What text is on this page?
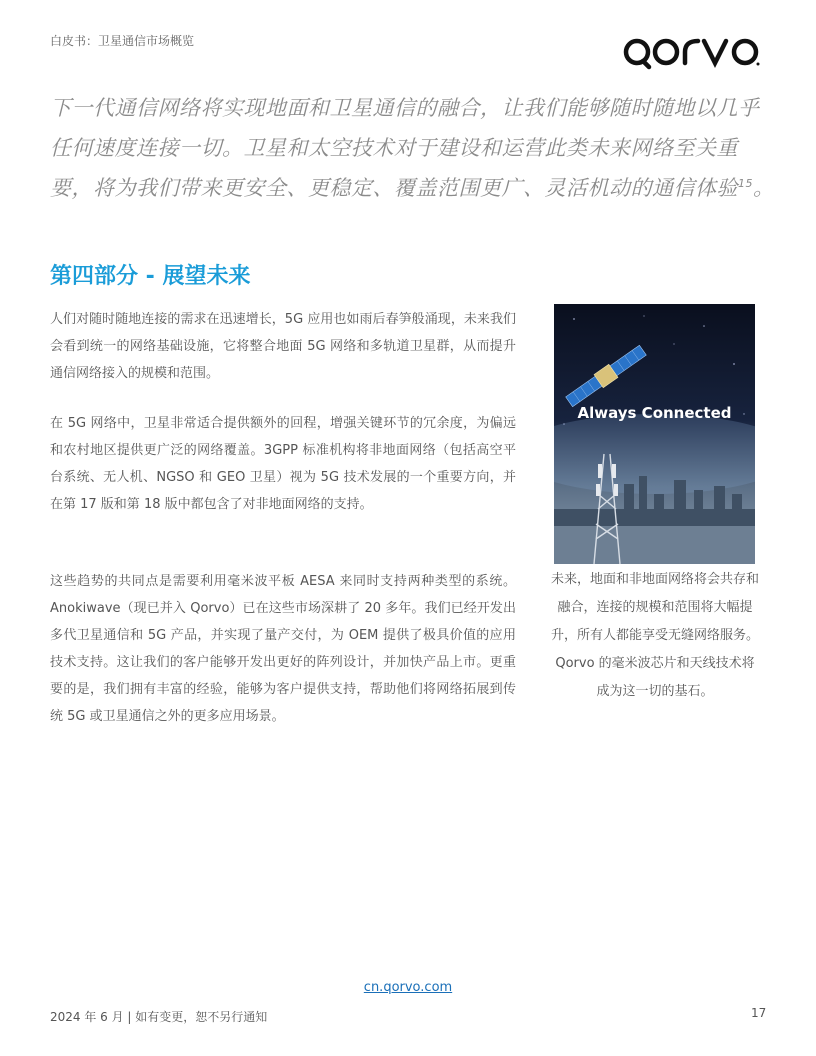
白皮书：卫星通信市场概览
下一代通信网络将实现地面和卫星通信的融合，让我们能够随时随地以几乎任何速度连接一切。卫星和太空技术对于建设和运营此类未来网络至关重要，将为我们带来更安全、更稳定、覆盖范围更广、灵活机动的通信体验$^{15}$。
第四部分 - 展望未来

人们对随时随地连接的需求在迅速增长，5G 应用也如雨后春笋般涌现，未来我们会看到统一的网络基础设施，它将整合地面 5G 网络和多轨道卫星群，从而提升通信网络接入的规模和范围。

在 5G 网络中，卫星非常适合提供额外的回程，增强关键环节的冗余度，为偏远和农村地区提供更广泛的网络覆盖。3GPP 标准机构将非地面网络（包括高空平台系统、无人机、NGSO 和 GEO 卫星）视为 5G 技术发展的一个重要方向，并在第 17 版和第 18 版中都包含了对非地面网络的支持。

这些趋势的共同点是需要利用毫米波平板 AESA 来同时支持两种类型的系统。Anokiwave（现已并入 Qorvo）已在这些市场深耕了 20 多年。我们已经开发出多代卫星通信和 5G 产品，并实现了量产交付，为 OEM 提供了极具价值的应用技术支持。这让我们的客户能够开发出更好的阵列设计，并加快产品上市。更重要的是，我们拥有丰富的经验，能够为客户提供支持，帮助他们将网络拓展到传统 5G 或卫星通信之外的更多应用场景。

Always Connected

未来，地面和非地面网络将会共存和融合，连接的规模和范围将大幅提升，所有人都能享受无缝网络服务。Qorvo 的毫米波芯片和天线技术将成为这一切的基石。

cn.qorvo.com
2024 年 6 月 | 如有变更，恕不另行通知	17
